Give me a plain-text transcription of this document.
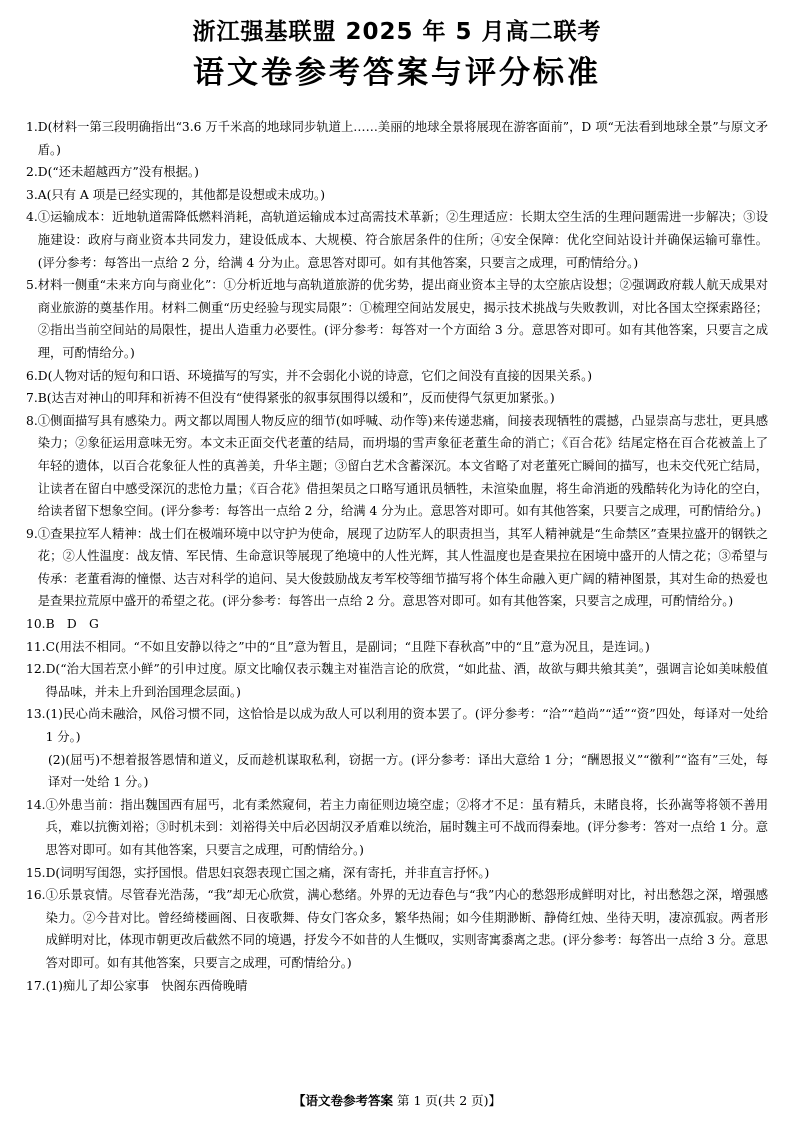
浙江强基联盟 2025 年 5 月高二联考
语文卷参考答案与评分标准
1. D(材料一第三段明确指出“3.6 万千米高的地球同步轨道上……美丽的地球全景将展现在游客面前”，D 项“无法看到地球全景”与原文矛盾。)
2. D(“还未超越西方”没有根据。)
3. A(只有 A 项是已经实现的，其他都是设想或未成功。)
4. ①运输成本：近地轨道需降低燃料消耗，高轨道运输成本过高需技术革新；②生理适应：长期太空生活的生理问题需进一步解决；③设施建设：政府与商业资本共同发力，建设低成本、大规模、符合旅居条件的住所；④安全保障：优化空间站设计并确保运输可靠性。(评分参考：每答出一点给 2 分，给满 4 分为止。意思答对即可。如有其他答案，只要言之成理，可酌情给分。)
5. 材料一侧重“未来方向与商业化”：①分析近地与高轨道旅游的优劣势，提出商业资本主导的太空旅店设想；②强调政府载人航天成果对商业旅游的奠基作用。材料二侧重“历史经验与现实局限”：①梳理空间站发展史，揭示技术挑战与失败教训，对比各国太空探索路径；②指出当前空间站的局限性，提出人造重力必要性。(评分参考：每答对一个方面给 3 分。意思答对即可。如有其他答案，只要言之成理，可酌情给分。)
6. D(人物对话的短句和口语、环境描写的写实，并不会弱化小说的诗意，它们之间没有直接的因果关系。)
7. B(达吉对神山的叩拜和祈祷不但没有“使得紧张的叙事氛围得以缓和”，反而使得气氛更加紧张。)
8. ①侧面描写具有感染力。两文都以周围人物反应的细节(如呼喊、动作等)来传递悲痛，间接表现牺牲的震撼，凸显崇高与悲壮，更具感染力；②象征运用意味无穷。本文未正面交代老董的结局，而坍塌的雪声象征老董生命的消亡；《百合花》结尾定格在百合花被盖上了年轻的遗体，以百合花象征人性的真善美，升华主题；③留白艺术含蓄深沉。本文省略了对老董死亡瞬间的描写，也未交代死亡结局，让读者在留白中感受深沉的悲怆力量；《百合花》借担架员之口略写通讯员牺牲，未渲染血腥，将生命消逝的残酷转化为诗化的空白，给读者留下想象空间。(评分参考：每答出一点给 2 分，给满 4 分为止。意思答对即可。如有其他答案，只要言之成理，可酌情给分。)
9. ①查果拉军人精神：战士们在极端环境中以守护为使命，展现了边防军人的职责担当，其军人精神就是“生命禁区”查果拉盛开的钢铁之花；②人性温度：战友情、军民情、生命意识等展现了绝境中的人性光辉，其人性温度也是查果拉在困境中盛开的人情之花；③希望与传承：老董看海的憧憬、达吉对科学的追问、吴大俊鼓励战友考军校等细节描写将个体生命融入更广阔的精神图景，其对生命的热爱也是查果拉荒原中盛开的希望之花。(评分参考：每答出一点给 2 分。意思答对即可。如有其他答案，只要言之成理，可酌情给分。)
10. B　D　G
11. C(用法不相同。“不如且安静以待之”中的“且”意为暂且，是副词；“且陛下春秋高”中的“且”意为况且，是连词。)
12. D(“治大国若烹小鲜”的引申过度。原文比喻仅表示魏主对崔浩言论的欣赏，“如此盐、酒，故欲与卿共飨其美”，强调言论如美味般值得品味，并未上升到治国理念层面。)
13. (1)民心尚未融洽，风俗习惯不同，这恰恰是以成为敌人可以利用的资本罢了。(评分参考：“洽”“趋尚”“适”“资”四处，每译对一处给 1 分。)
(2)(屈丐)不想着报答恩情和道义，反而趁机谋取私利，窃据一方。(评分参考：译出大意给 1 分；“酬恩报义”“徼利”“盗有”三处，每译对一处给 1 分。)
14. ①外患当前：指出魏国西有屈丐，北有柔然窥伺，若主力南征则边境空虚；②将才不足：虽有精兵，未睹良将，长孙嵩等将领不善用兵，难以抗衡刘裕；③时机未到：刘裕得关中后必因胡汉矛盾难以统治，届时魏主可不战而得秦地。(评分参考：答对一点给 1 分。意思答对即可。如有其他答案，只要言之成理，可酌情给分。)
15. D(词明写闺怨，实抒国恨。借思妇哀怨表现亡国之痛，深有寄托，并非直言抒怀。)
16. ①乐景哀情。尽管春光浩荡，“我”却无心欣赏，满心愁绪。外界的无边春色与“我”内心的愁怨形成鲜明对比，衬出愁怨之深，增强感染力。②今昔对比。曾经绮楼画阁、日夜歌舞、侍女门客众多，繁华热闹；如今佳期渺断、静倚红烛、坐待天明，凄凉孤寂。两者形成鲜明对比，体现市朝更改后截然不同的境遇，抒发今不如昔的人生慨叹，实则寄寓黍离之悲。(评分参考：每答出一点给 3 分。意思答对即可。如有其他答案，只要言之成理，可酌情给分。)
17. (1)痴儿了却公家事　快阁东西倚晚晴
【语文卷参考答案 第 1 页(共 2 页)】
